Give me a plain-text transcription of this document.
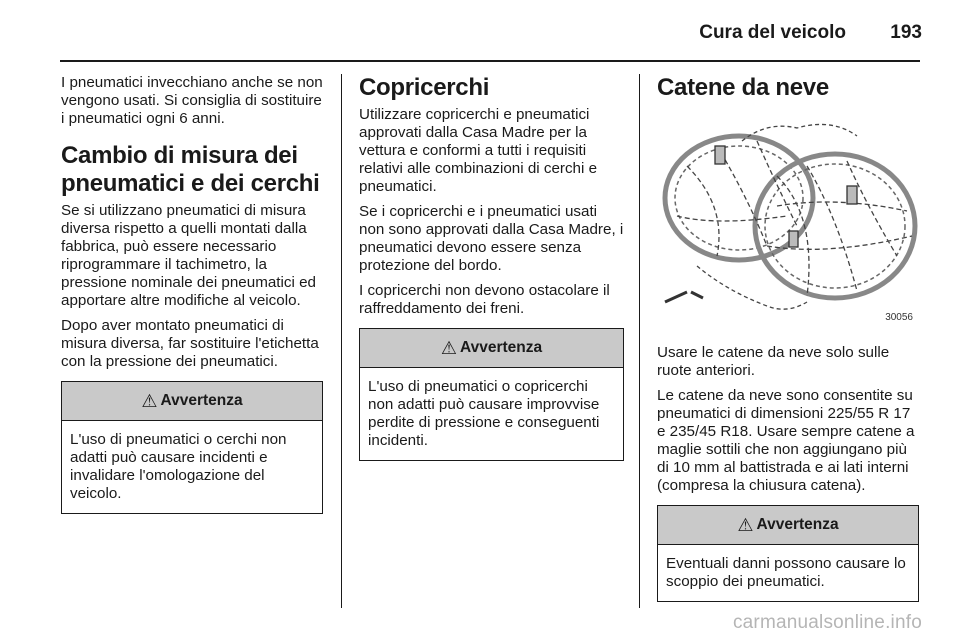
Cura del veicolo 193

I pneumatici invecchiano anche se non vengono usati. Si consiglia di sostituire i pneumatici ogni 6 anni.

Cambio di misura dei pneumatici e dei cerchi

Se si utilizzano pneumatici di misura diversa rispetto a quelli montati dalla fabbrica, può essere necessario riprogrammare il tachimetro, la pressione nominale dei pneumatici ed apportare altre modifiche al veicolo.

Dopo aver montato pneumatici di misura diversa, far sostituire l'etichetta con la pressione dei pneumatici.

⚠ Avvertenza

L'uso di pneumatici o cerchi non adatti può causare incidenti e invalidare l'omologazione del veicolo.

Copricerchi

Utilizzare copricerchi e pneumatici approvati dalla Casa Madre per la vettura e conformi a tutti i requisiti relativi alle combinazioni di cerchi e pneumatici.

Se i copricerchi e i pneumatici usati non sono approvati dalla Casa Madre, i pneumatici devono essere senza protezione del bordo.

I copricerchi non devono ostacolare il raffreddamento dei freni.

⚠ Avvertenza

L'uso di pneumatici o copricerchi non adatti può causare improvvise perdite di pressione e conseguenti incidenti.

Catene da neve
30056

Usare le catene da neve solo sulle ruote anteriori.

Le catene da neve sono consentite su pneumatici di dimensioni 225/55 R 17 e 235/45 R18. Usare sempre catene a maglie sottili che non aggiungano più di 10 mm al battistrada e ai lati interni (compresa la chiusura catena).

⚠ Avvertenza

Eventuali danni possono causare lo scoppio dei pneumatici.

carmanualsonline.info
